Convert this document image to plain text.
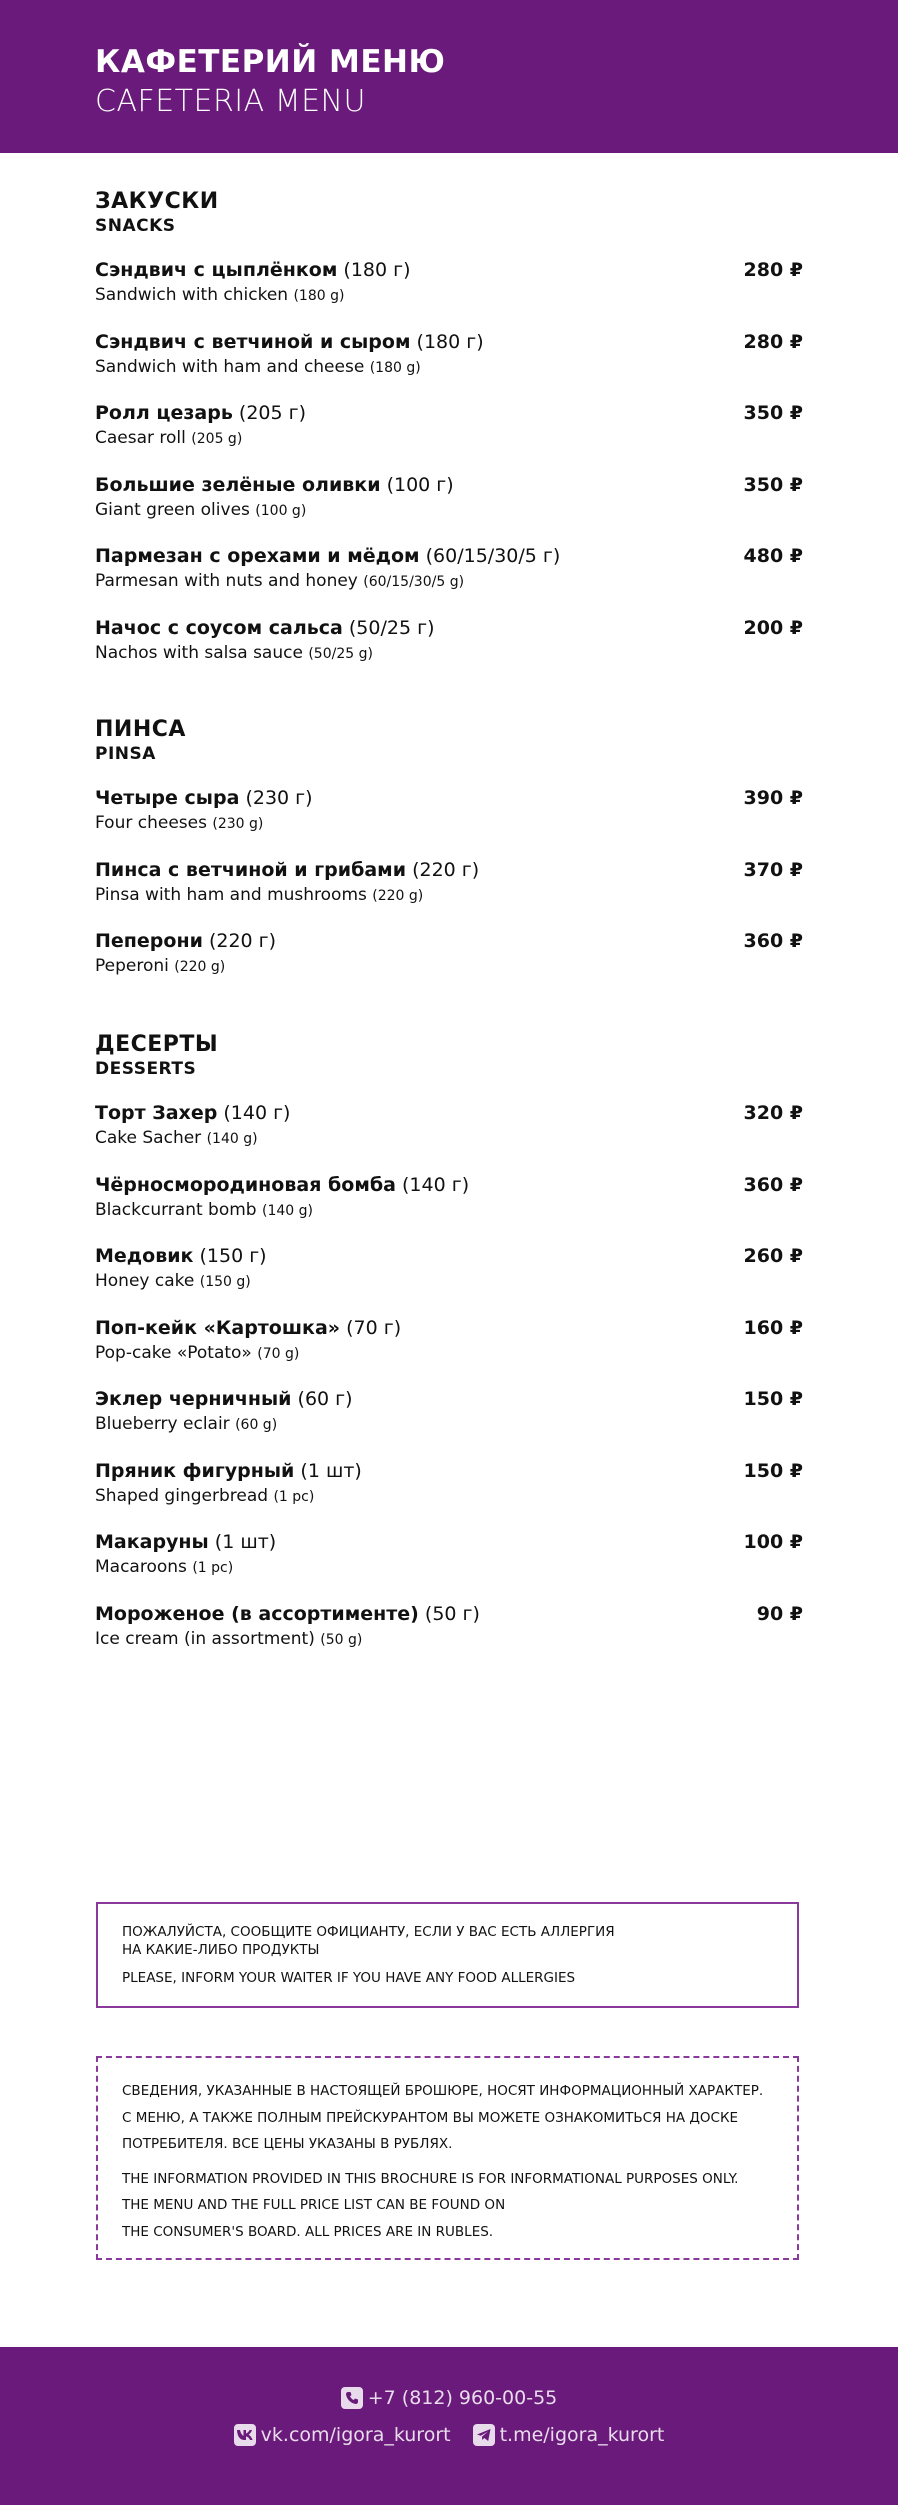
КАФЕТЕРИЙ МЕНЮ
CAFETERIA MENU
ЗАКУСКИ
SNACKS
Сэндвич с цыплёнком (180 г)
Sandwich with chicken (180 g)
280 ₽
Сэндвич с ветчиной и сыром (180 г)
Sandwich with ham and cheese (180 g)
280 ₽
Ролл цезарь (205 г)
Caesar roll (205 g)
350 ₽
Большие зелёные оливки (100 г)
Giant green olives (100 g)
350 ₽
Пармезан с орехами и мёдом (60/15/30/5 г)
Parmesan with nuts and honey (60/15/30/5 g)
480 ₽
Начос с соусом сальса (50/25 г)
Nachos with salsa sauce (50/25 g)
200 ₽
ПИНСА
PINSA
Четыре сыра (230 г)
Four cheeses (230 g)
390 ₽
Пинса с ветчиной и грибами (220 г)
Pinsa with ham and mushrooms (220 g)
370 ₽
Пеперони (220 г)
Peperoni (220 g)
360 ₽
ДЕСЕРТЫ
DESSERTS
Торт Захер (140 г)
Cake Sacher (140 g)
320 ₽
Чёрносмородиновая бомба (140 г)
Blackcurrant bomb (140 g)
360 ₽
Медовик (150 г)
Honey cake (150 g)
260 ₽
Поп-кейк «Картошка» (70 г)
Pop-cake «Potato» (70 g)
160 ₽
Эклер черничный (60 г)
Blueberry eclair (60 g)
150 ₽
Пряник фигурный (1 шт)
Shaped gingerbread (1 pc)
150 ₽
Макаруны (1 шт)
Macaroons (1 pc)
100 ₽
Мороженое (в ассортименте) (50 г)
Ice cream (in assortment) (50 g)
90 ₽
ПОЖАЛУЙСТА, СООБЩИТЕ ОФИЦИАНТУ, ЕСЛИ У ВАС ЕСТЬ АЛЛЕРГИЯ
НА КАКИЕ-ЛИБО ПРОДУКТЫ
PLEASE, INFORM YOUR WAITER IF YOU HAVE ANY FOOD ALLERGIES
СВЕДЕНИЯ, УКАЗАННЫЕ В НАСТОЯЩЕЙ БРОШЮРЕ, НОСЯТ ИНФОРМАЦИОННЫЙ ХАРАКТЕР.
С МЕНЮ, А ТАКЖЕ ПОЛНЫМ ПРЕЙСКУРАНТОМ ВЫ МОЖЕТЕ ОЗНАКОМИТЬСЯ НА ДОСКЕ
ПОТРЕБИТЕЛЯ. ВСЕ ЦЕНЫ УКАЗАНЫ В РУБЛЯХ.
THE INFORMATION PROVIDED IN THIS BROCHURE IS FOR INFORMATIONAL PURPOSES ONLY.
THE MENU AND THE FULL PRICE LIST CAN BE FOUND ON
THE CONSUMER'S BOARD. ALL PRICES ARE IN RUBLES.
+7 (812) 960-00-55
vk.com/igora_kurort	t.me/igora_kurort
